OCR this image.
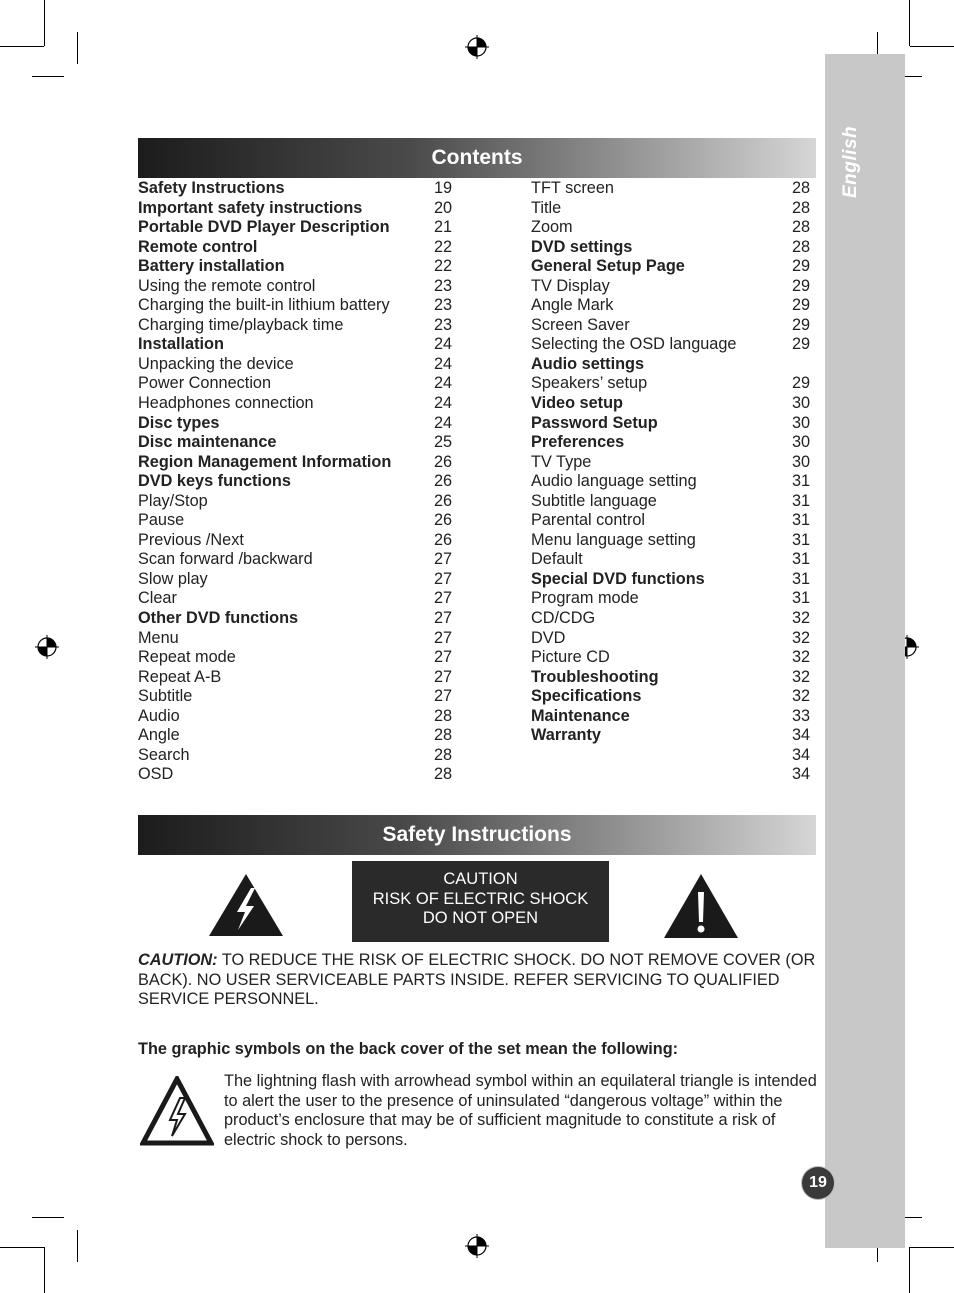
English
19
Contents
Safety Instructions	19
Important safety instructions	20
Portable DVD Player Description	21
Remote control	22
Battery installation	22
Using the remote control	23
Charging the built-in lithium battery	23
Charging time/playback time	23
Installation	24
Unpacking the device	24
Power Connection	24
Headphones connection	24
Disc types	24
Disc maintenance	25
Region Management Information	26
DVD keys functions	26
Play/Stop	26
Pause	26
Previous /Next	26
Scan forward /backward	27
Slow play	27
Clear	27
Other DVD functions	27
Menu	27
Repeat mode	27
Repeat A-B	27
Subtitle	27
Audio	28
Angle	28
Search	28
OSD	28
TFT screen	28
Title	28
Zoom	28
DVD settings	28
General Setup Page	29
TV Display	29
Angle Mark	29
Screen Saver	29
Selecting the OSD language	29
Audio settings
Speakers’ setup	29
Video setup	30
Password Setup	30
Preferences	30
TV Type	30
Audio language setting	31
Subtitle language	31
Parental control	31
Menu language setting	31
Default	31
Special DVD functions	31
Program mode	31
CD/CDG	32
DVD	32
Picture CD	32
Troubleshooting	32
Specifications	32
Maintenance	33
Warranty	34
34
34
Safety Instructions
CAUTION
RISK OF ELECTRIC SHOCK
DO NOT OPEN
CAUTION: TO REDUCE THE RISK OF ELECTRIC SHOCK. DO NOT REMOVE COVER (OR BACK). NO USER SERVICEABLE PARTS INSIDE. REFER SERVICING TO QUALIFIED SERVICE PERSONNEL.
The graphic symbols on the back cover of the set mean the following:
The lightning flash with arrowhead symbol within an equilateral triangle is intended to alert the user to the presence of uninsulated “dangerous voltage” within the product’s enclosure that may be of sufficient magnitude to constitute a risk of electric shock to persons.
